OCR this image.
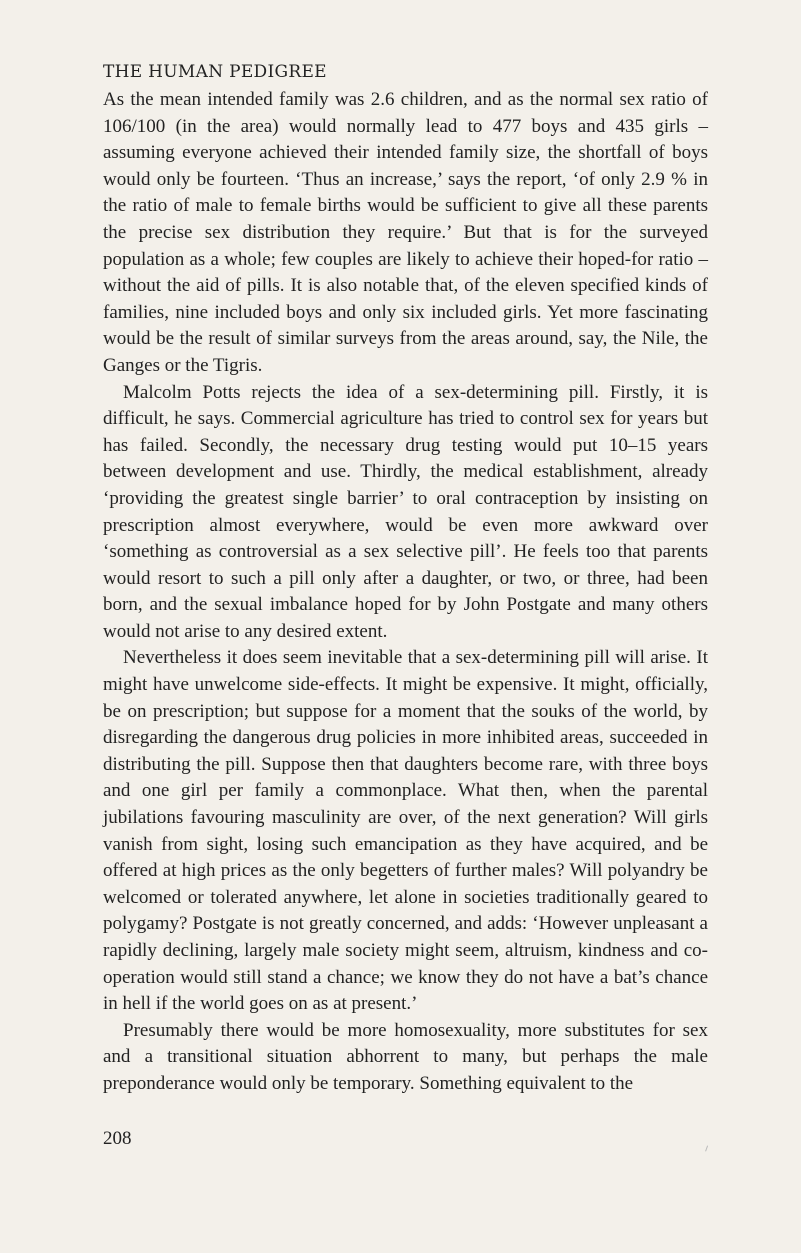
THE HUMAN PEDIGREE

As the mean intended family was 2.6 children, and as the normal sex ratio of 106/100 (in the area) would normally lead to 477 boys and 435 girls – assuming everyone achieved their intended family size, the shortfall of boys would only be fourteen. ‘Thus an increase,’ says the report, ‘of only 2.9 % in the ratio of male to female births would be sufficient to give all these parents the precise sex distribution they require.’ But that is for the surveyed population as a whole; few couples are likely to achieve their hoped-for ratio – without the aid of pills. It is also notable that, of the eleven specified kinds of families, nine included boys and only six included girls. Yet more fascinating would be the result of similar surveys from the areas around, say, the Nile, the Ganges or the Tigris.

Malcolm Potts rejects the idea of a sex-determining pill. Firstly, it is difficult, he says. Commercial agriculture has tried to control sex for years but has failed. Secondly, the necessary drug testing would put 10–15 years between development and use. Thirdly, the medical establishment, already ‘providing the greatest single barrier’ to oral contraception by insisting on prescription almost everywhere, would be even more awkward over ‘something as controversial as a sex selective pill’. He feels too that parents would resort to such a pill only after a daughter, or two, or three, had been born, and the sexual imbalance hoped for by John Postgate and many others would not arise to any desired extent.

Nevertheless it does seem inevitable that a sex-determining pill will arise. It might have unwelcome side-effects. It might be expensive. It might, officially, be on prescription; but suppose for a moment that the souks of the world, by disregarding the dangerous drug policies in more inhibited areas, succeeded in distributing the pill. Suppose then that daughters become rare, with three boys and one girl per family a commonplace. What then, when the parental jubilations favouring masculinity are over, of the next generation? Will girls vanish from sight, losing such emancipation as they have acquired, and be offered at high prices as the only begetters of further males? Will polyandry be welcomed or tolerated anywhere, let alone in societies traditionally geared to polygamy? Postgate is not greatly concerned, and adds: ‘However unpleasant a rapidly declining, largely male society might seem, altruism, kindness and co-operation would still stand a chance; we know they do not have a bat’s chance in hell if the world goes on as at present.’

Presumably there would be more homosexuality, more substitutes for sex and a transitional situation abhorrent to many, but perhaps the male preponderance would only be temporary. Something equivalent to the

208
